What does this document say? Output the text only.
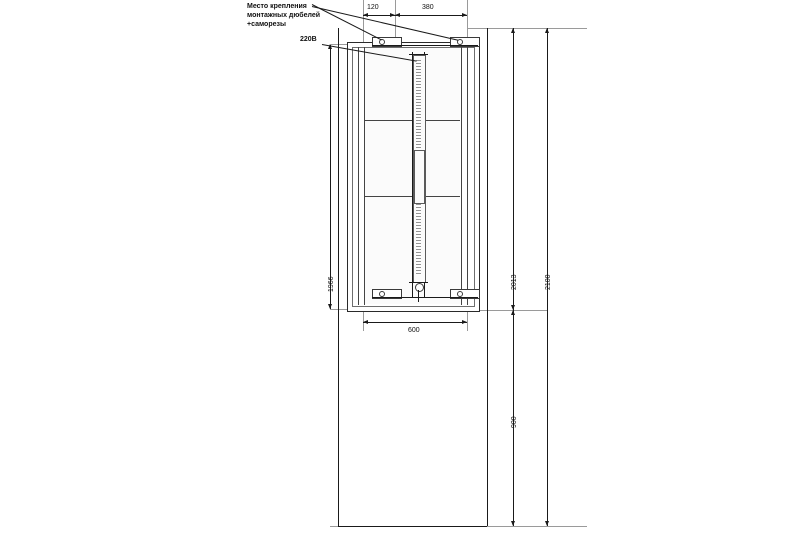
120	380
2013	2100
900
1966
600
Место крепления
монтажных дюбелей
+саморезы
220В
